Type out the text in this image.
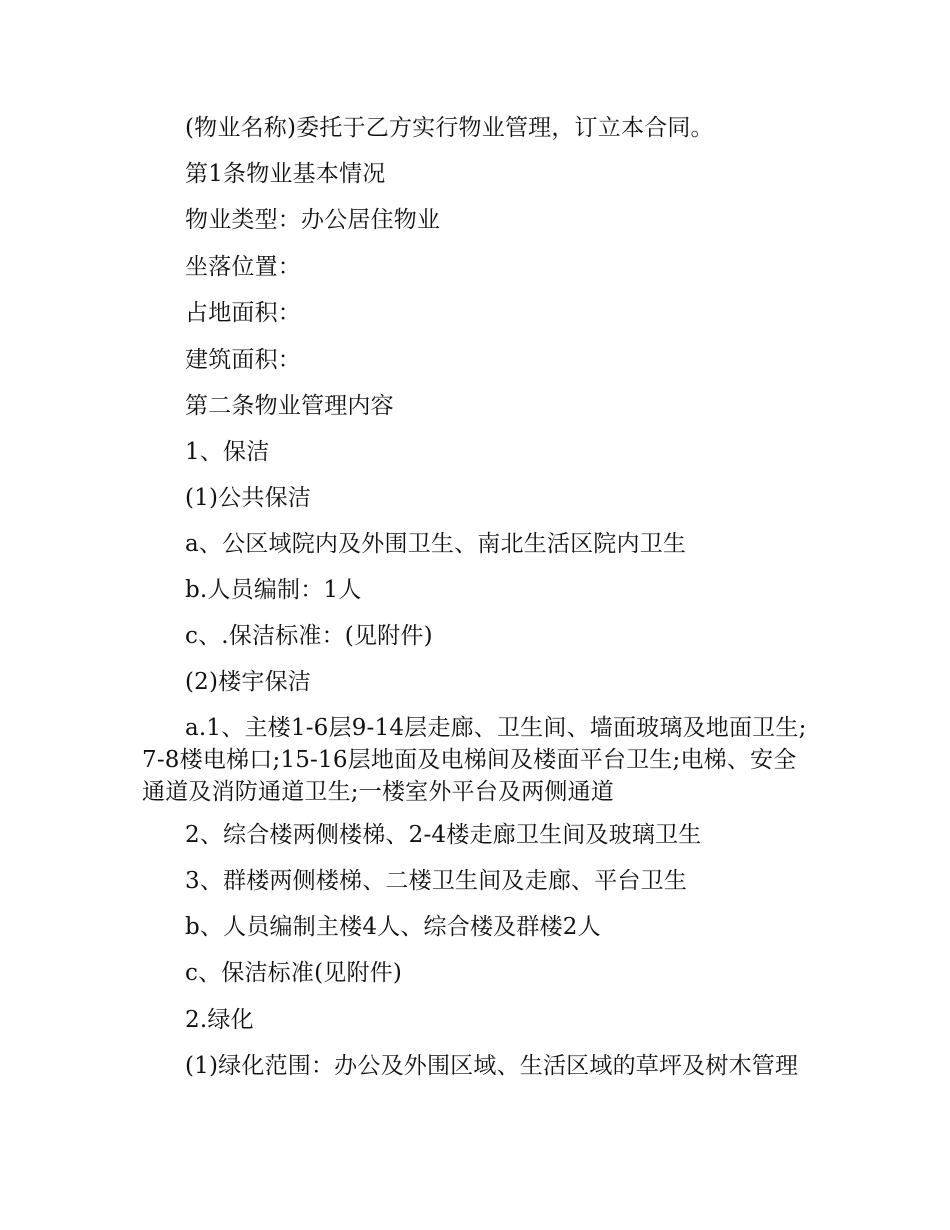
(物业名称)委托于乙方实行物业管理，订立本合同。

第1条物业基本情况

物业类型：办公居住物业

坐落位置：

占地面积：

建筑面积：

第二条物业管理内容

1、保洁

(1)公共保洁

a、公区域院内及外围卫生、南北生活区院内卫生

b.人员编制：1人

c、.保洁标准：(见附件)

(2)楼宇保洁

a.1、主楼1-6层9-14层走廊、卫生间、墙面玻璃及地面卫生;7-8楼电梯口;15-16层地面及电梯间及楼面平台卫生;电梯、安全通道及消防通道卫生;一楼室外平台及两侧通道

2、综合楼两侧楼梯、2-4楼走廊卫生间及玻璃卫生

3、群楼两侧楼梯、二楼卫生间及走廊、平台卫生

b、人员编制主楼4人、综合楼及群楼2人

c、保洁标准(见附件)

2.绿化

(1)绿化范围：办公及外围区域、生活区域的草坪及树木管理
